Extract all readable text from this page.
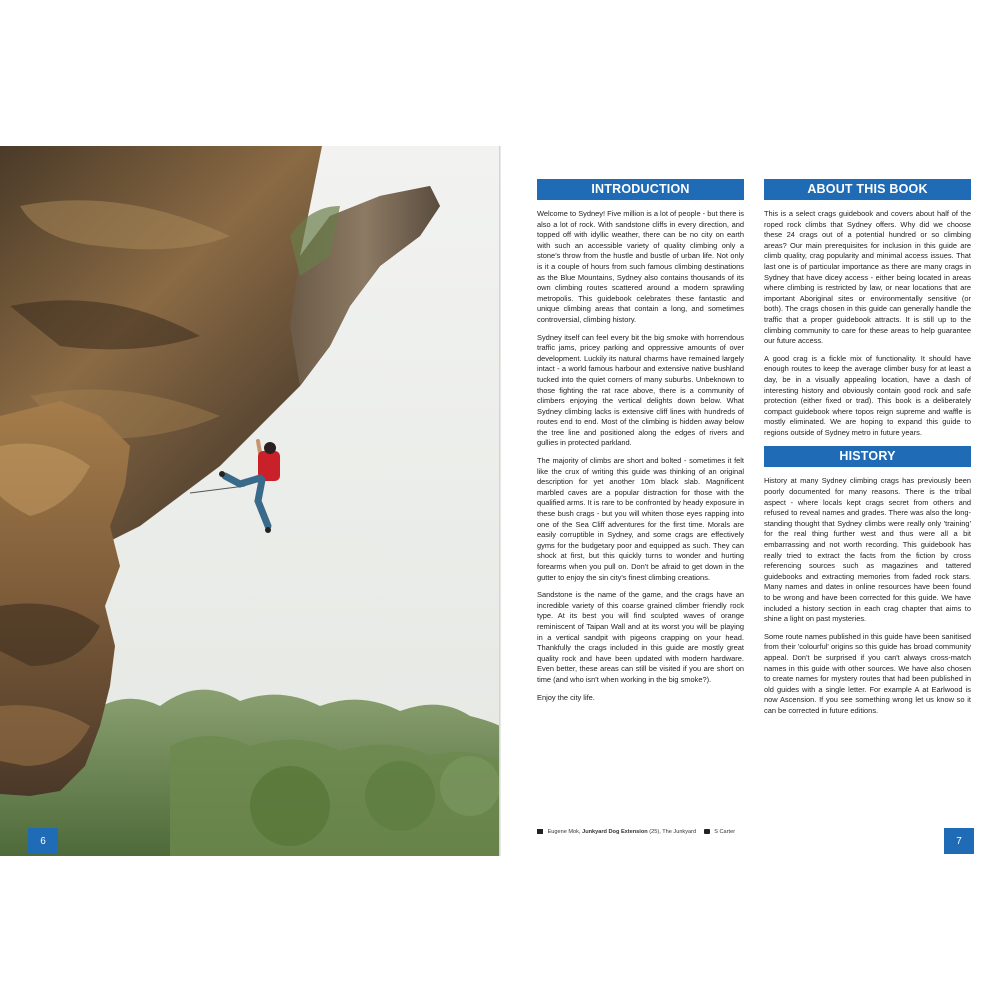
6
INTRODUCTION

Welcome to Sydney! Five million is a lot of people - but there is also a lot of rock. With sandstone cliffs in every direction, and topped off with idyllic weather, there can be no city on earth with such an accessible variety of quality climbing only a stone's throw from the hustle and bustle of urban life. Not only is it a couple of hours from such famous climbing destinations as the Blue Mountains, Sydney also contains thousands of its own climbing routes scattered around a modern sprawling metropolis. This guidebook celebrates these fantastic and unique climbing areas that contain a long, and sometimes controversial, climbing history.

Sydney itself can feel every bit the big smoke with horrendous traffic jams, pricey parking and oppressive amounts of over development. Luckily its natural charms have remained largely intact - a world famous harbour and extensive native bushland tucked into the quiet corners of many suburbs. Unbeknown to those fighting the rat race above, there is a community of climbers enjoying the vertical delights down below. What Sydney climbing lacks is extensive cliff lines with hundreds of routes end to end. Most of the climbing is hidden away below the tree line and positioned along the edges of rivers and gullies in protected parkland.

The majority of climbs are short and bolted - sometimes it felt like the crux of writing this guide was thinking of an original description for yet another 10m black slab. Magnificent marbled caves are a popular distraction for those with the qualified arms. It is rare to be confronted by heady exposure in these bush crags - but you will whiten those eyes rapping into one of the Sea Cliff adventures for the first time. Morals are easily corruptible in Sydney, and some crags are effectively gyms for the budgetary poor and equipped as such. They can shock at first, but this quickly turns to wonder and hurting forearms when you pull on. Don't be afraid to get down in the gutter to enjoy the sin city's finest climbing creations.

Sandstone is the name of the game, and the crags have an incredible variety of this coarse grained climber friendly rock type. At its best you will find sculpted waves of orange reminiscent of Taipan Wall and at its worst you will be playing in a vertical sandpit with pigeons crapping on your head. Thankfully the crags included in this guide are mostly great quality rock and have been updated with modern hardware. Even better, these areas can still be visited if you are short on time (and who isn't when working in the big smoke?).

Enjoy the city life.

ABOUT THIS BOOK

This is a select crags guidebook and covers about half of the roped rock climbs that Sydney offers. Why did we choose these 24 crags out of a potential hundred or so climbing areas? Our main prerequisites for inclusion in this guide are climb quality, crag popularity and minimal access issues. That last one is of particular importance as there are many crags in Sydney that have dicey access - either being located in areas where climbing is restricted by law, or near locations that are important Aboriginal sites or environmentally sensitive (or both). The crags chosen in this guide can generally handle the traffic that a proper guidebook attracts. It is still up to the climbing community to care for these areas to help guarantee our future access.

A good crag is a fickle mix of functionality. It should have enough routes to keep the average climber busy for at least a day, be in a visually appealing location, have a dash of interesting history and obviously contain good rock and safe protection (either fixed or trad). This book is a deliberately compact guidebook where topos reign supreme and waffle is mostly eliminated. We are hoping to expand this guide to regions outside of Sydney metro in future years.

HISTORY

History at many Sydney climbing crags has previously been poorly documented for many reasons. There is the tribal aspect - where locals kept crags secret from others and refused to reveal names and grades. There was also the long-standing thought that Sydney climbs were really only 'training' for the real thing further west and thus were all a bit embarrassing and not worth recording. This guidebook has really tried to extract the facts from the fiction by cross referencing sources such as magazines and tattered guidebooks and extracting memories from faded rock stars. Many names and dates in online resources have been found to be wrong and have been corrected for this guide. We have included a history section in each crag chapter that aims to shine a light on past mysteries.

Some route names published in this guide have been sanitised from their 'colourful' origins so this guide has broad community appeal. Don't be surprised if you can't always cross-match names in this guide with other sources. We have also chosen to create names for mystery routes that had been published in old guides with a single letter. For example A at Earlwood is now Ascension. If you see something wrong let us know so it can be corrected in future editions.

Eugene Mok, Junkyard Dog Extension (25), The Junkyard	S Carter
7
